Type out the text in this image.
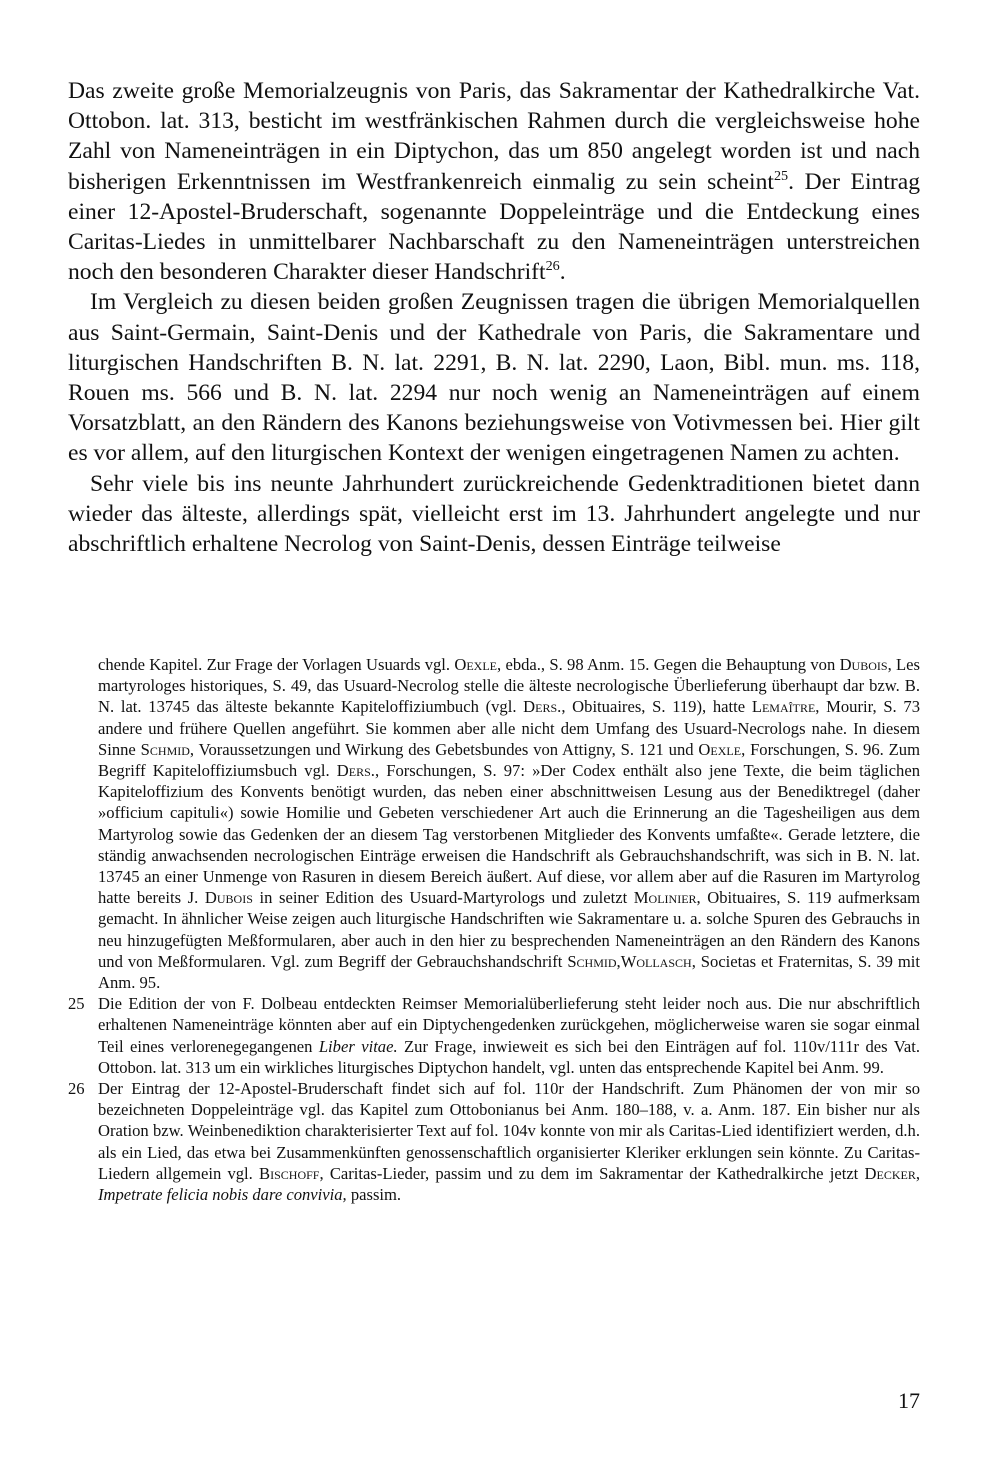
Das zweite große Memorialzeugnis von Paris, das Sakramentar der Kathedralkirche Vat. Ottobon. lat. 313, besticht im westfränkischen Rahmen durch die vergleichsweise hohe Zahl von Nameneinträgen in ein Diptychon, das um 850 angelegt worden ist und nach bisherigen Erkenntnissen im Westfrankenreich einmalig zu sein scheint$^{25}$. Der Eintrag einer 12-Apostel-Bruderschaft, sogenannte Doppeleinträge und die Entdeckung eines Caritas-Liedes in unmittelbarer Nachbarschaft zu den Nameneinträgen unterstreichen noch den besonderen Charakter dieser Handschrift$^{26}$.

Im Vergleich zu diesen beiden großen Zeugnissen tragen die übrigen Memorialquellen aus Saint-Germain, Saint-Denis und der Kathedrale von Paris, die Sakramentare und liturgischen Handschriften B. N. lat. 2291, B. N. lat. 2290, Laon, Bibl. mun. ms. 118, Rouen ms. 566 und B. N. lat. 2294 nur noch wenig an Nameneinträgen auf einem Vorsatzblatt, an den Rändern des Kanons beziehungsweise von Votivmessen bei. Hier gilt es vor allem, auf den liturgischen Kontext der wenigen eingetragenen Namen zu achten.

Sehr viele bis ins neunte Jahrhundert zurückreichende Gedenktraditionen bietet dann wieder das älteste, allerdings spät, vielleicht erst im 13. Jahrhundert angelegte und nur abschriftlich erhaltene Necrolog von Saint-Denis, dessen Einträge teilweise

chende Kapitel. Zur Frage der Vorlagen Usuards vgl. Oexle, ebda., S. 98 Anm. 15. Gegen die Behauptung von Dubois, Les martyrologes historiques, S. 49, das Usuard-Necrolog stelle die älteste necrologische Überlieferung überhaupt dar bzw. B. N. lat. 13745 das älteste bekannte Kapiteloffiziumbuch (vgl. Ders., Obituaires, S. 119), hatte Lemaître, Mourir, S. 73 andere und frühere Quellen angeführt. Sie kommen aber alle nicht dem Umfang des Usuard-Necrologs nahe. In diesem Sinne Schmid, Voraussetzungen und Wirkung des Gebetsbundes von Attigny, S. 121 und Oexle, Forschungen, S. 96. Zum Begriff Kapiteloffiziumsbuch vgl. Ders., Forschungen, S. 97: »Der Codex enthält also jene Texte, die beim täglichen Kapiteloffizium des Konvents benötigt wurden, das neben einer abschnittweisen Lesung aus der Benediktregel (daher »officium capituli«) sowie Homilie und Gebeten verschiedener Art auch die Erinnerung an die Tagesheiligen aus dem Martyrolog sowie das Gedenken der an diesem Tag verstorbenen Mitglieder des Konvents umfaßte«. Gerade letztere, die ständig anwachsenden necrologischen Einträge erweisen die Handschrift als Gebrauchshandschrift, was sich in B. N. lat. 13745 an einer Unmenge von Rasuren in diesem Bereich äußert. Auf diese, vor allem aber auf die Rasuren im Martyrolog hatte bereits J. Dubois in seiner Edition des Usuard-Martyrologs und zuletzt Molinier, Obituaires, S. 119 aufmerksam gemacht. In ähnlicher Weise zeigen auch liturgische Handschriften wie Sakramentare u. a. solche Spuren des Gebrauchs in neu hinzugefügten Meßformularen, aber auch in den hier zu besprechenden Nameneinträgen an den Rändern des Kanons und von Meßformularen. Vgl. zum Begriff der Gebrauchshandschrift Schmid,Wollasch, Societas et Fraternitas, S. 39 mit Anm. 95.

25 Die Edition der von F. Dolbeau entdeckten Reimser Memorialüberlieferung steht leider noch aus. Die nur abschriftlich erhaltenen Nameneinträge könnten aber auf ein Diptychengedenken zurückgehen, möglicherweise waren sie sogar einmal Teil eines verlorenegegangenen Liber vitae. Zur Frage, inwieweit es sich bei den Einträgen auf fol. 110v/111r des Vat. Ottobon. lat. 313 um ein wirkliches liturgisches Diptychon handelt, vgl. unten das entsprechende Kapitel bei Anm. 99.

26 Der Eintrag der 12-Apostel-Bruderschaft findet sich auf fol. 110r der Handschrift. Zum Phänomen der von mir so bezeichneten Doppeleinträge vgl. das Kapitel zum Ottobonianus bei Anm. 180–188, v. a. Anm. 187. Ein bisher nur als Oration bzw. Weinbenediktion charakterisierter Text auf fol. 104v konnte von mir als Caritas-Lied identifiziert werden, d.h. als ein Lied, das etwa bei Zusammenkünften genossenschaftlich organisierter Kleriker erklungen sein könnte. Zu Caritas-Liedern allgemein vgl. Bischoff, Caritas-Lieder, passim und zu dem im Sakramentar der Kathedralkirche jetzt Decker, Impetrate felicia nobis dare convivia, passim.

17
